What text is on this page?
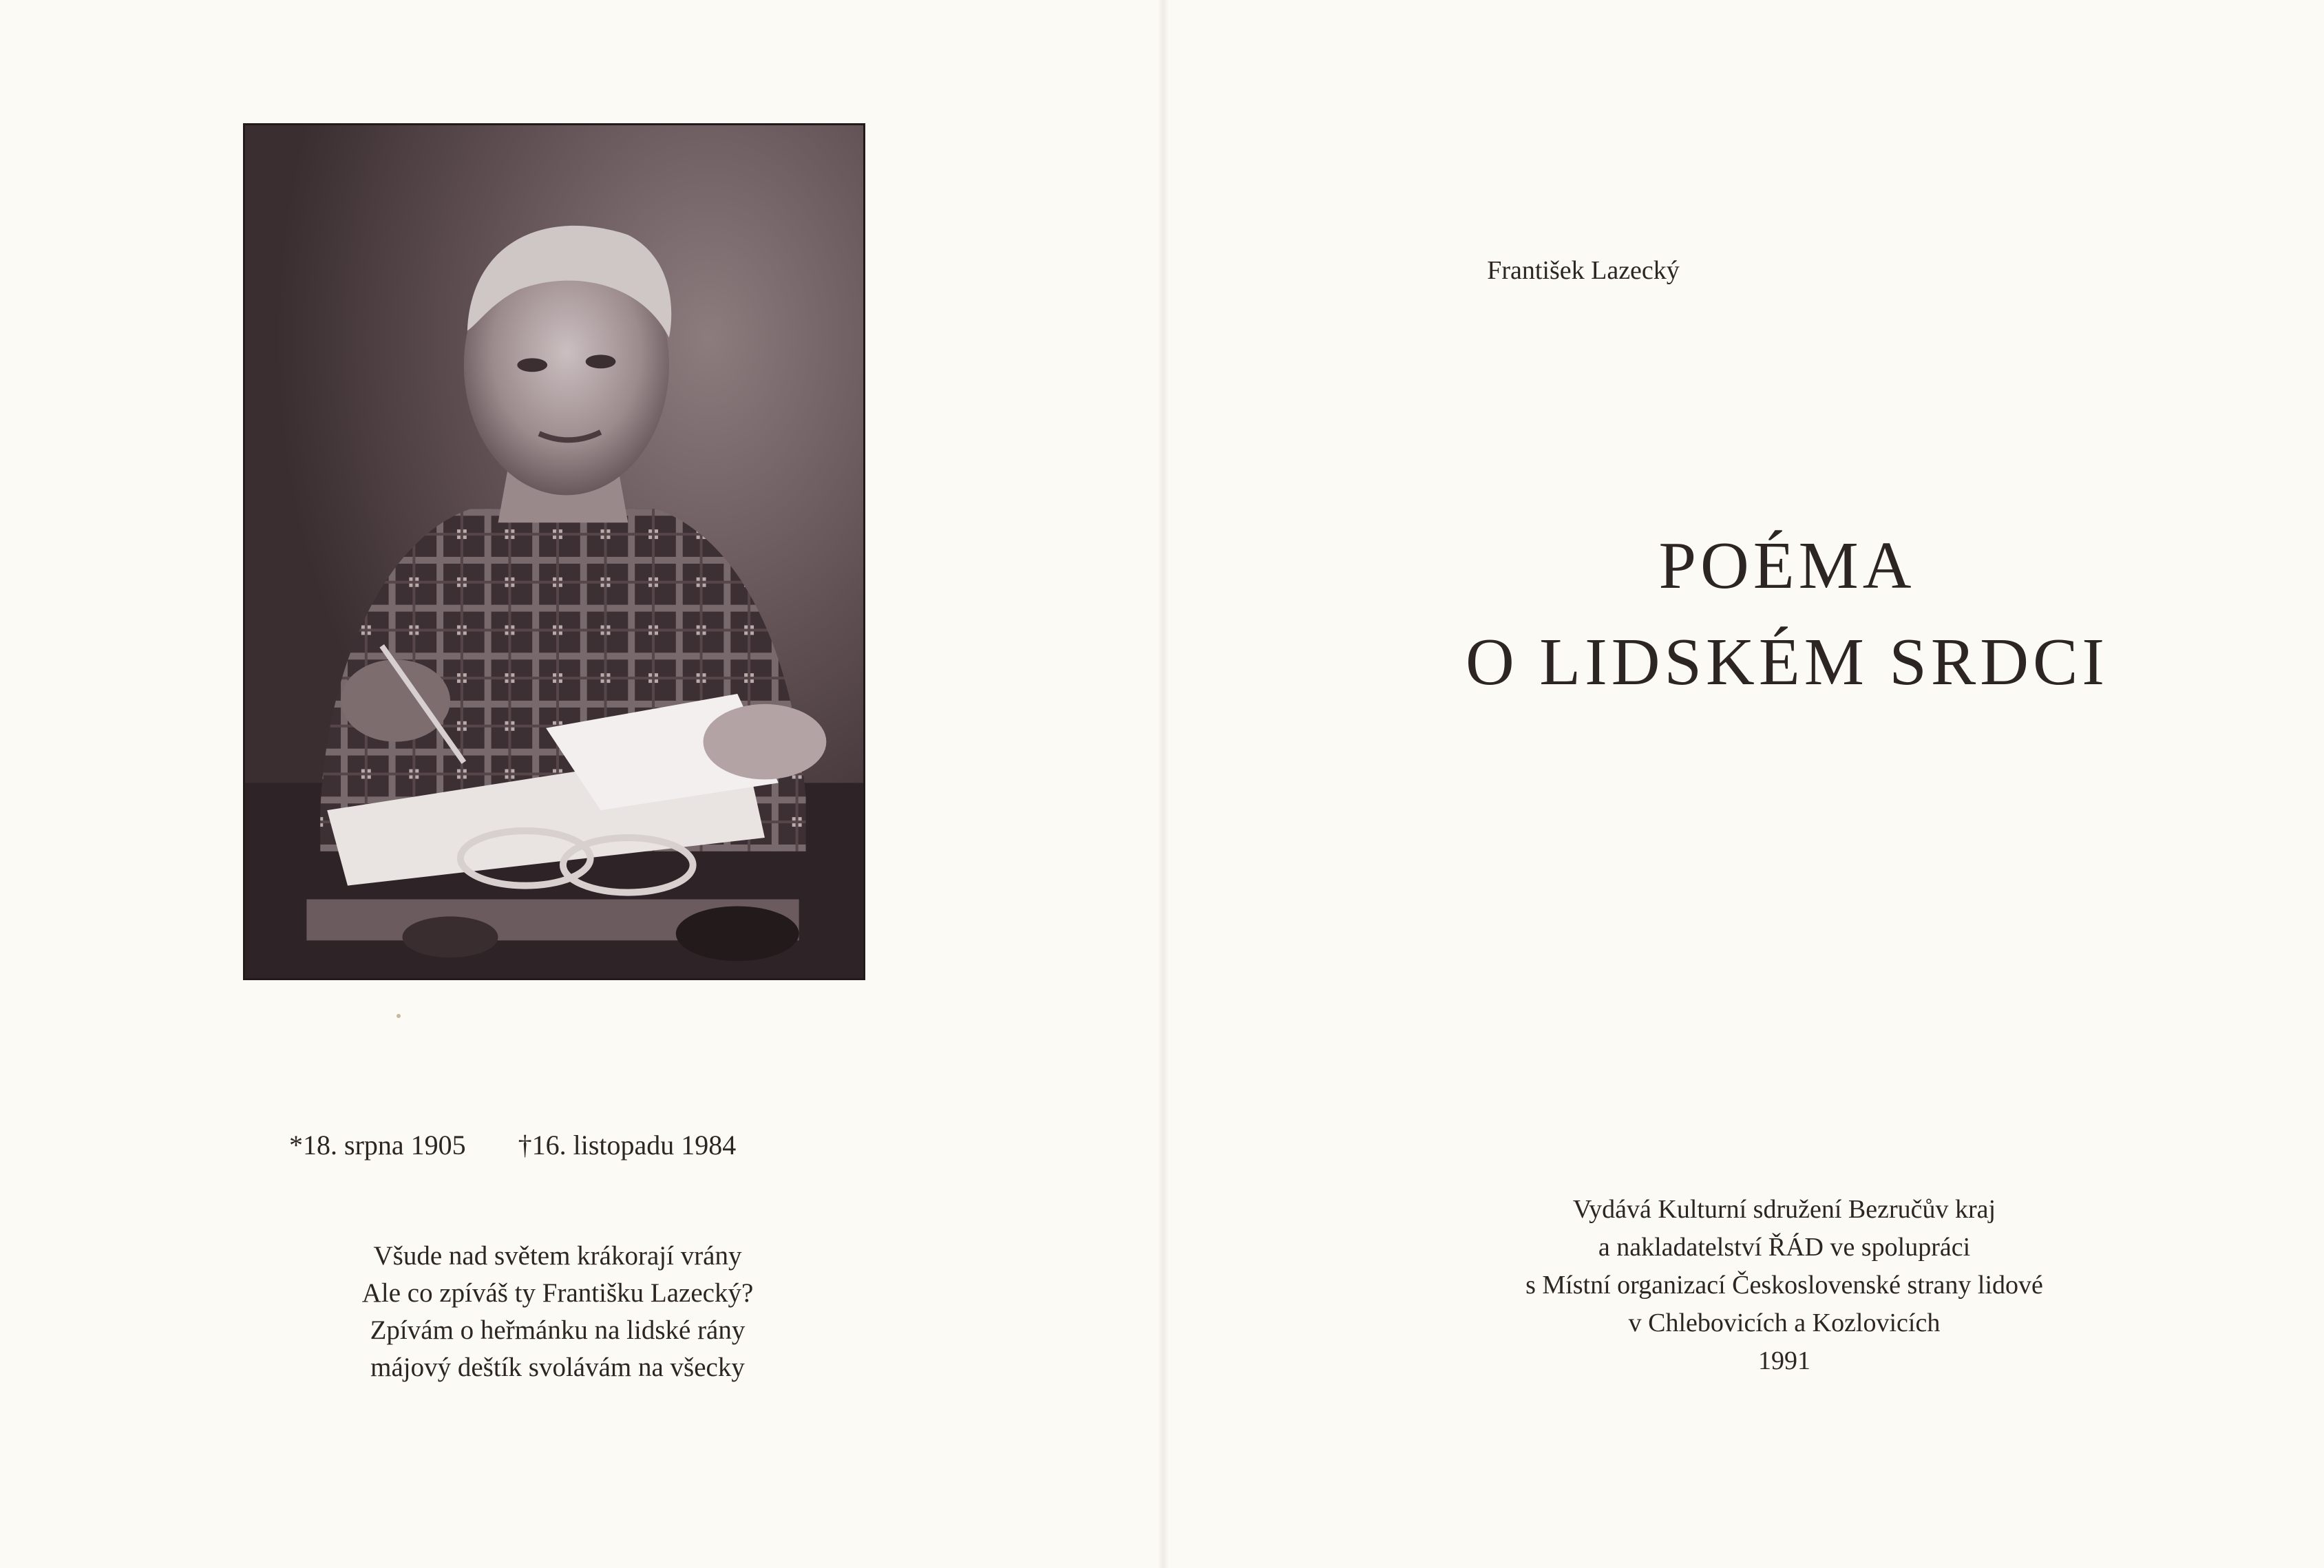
*18. srpna 1905 †16. listopadu 1984
Všude nad světem krákorají vrány
Ale co zpíváš ty Františku Lazecký?
Zpívám o heřmánku na lidské rány
májový deštík svolávám na všecky
František Lazecký
POÉMA
O LIDSKÉM SRDCI
Vydává Kulturní sdružení Bezručův kraj
a nakladatelství ŘÁD ve spolupráci
s Místní organizací Československé strany lidové
v Chlebovicích a Kozlovicích
1991
